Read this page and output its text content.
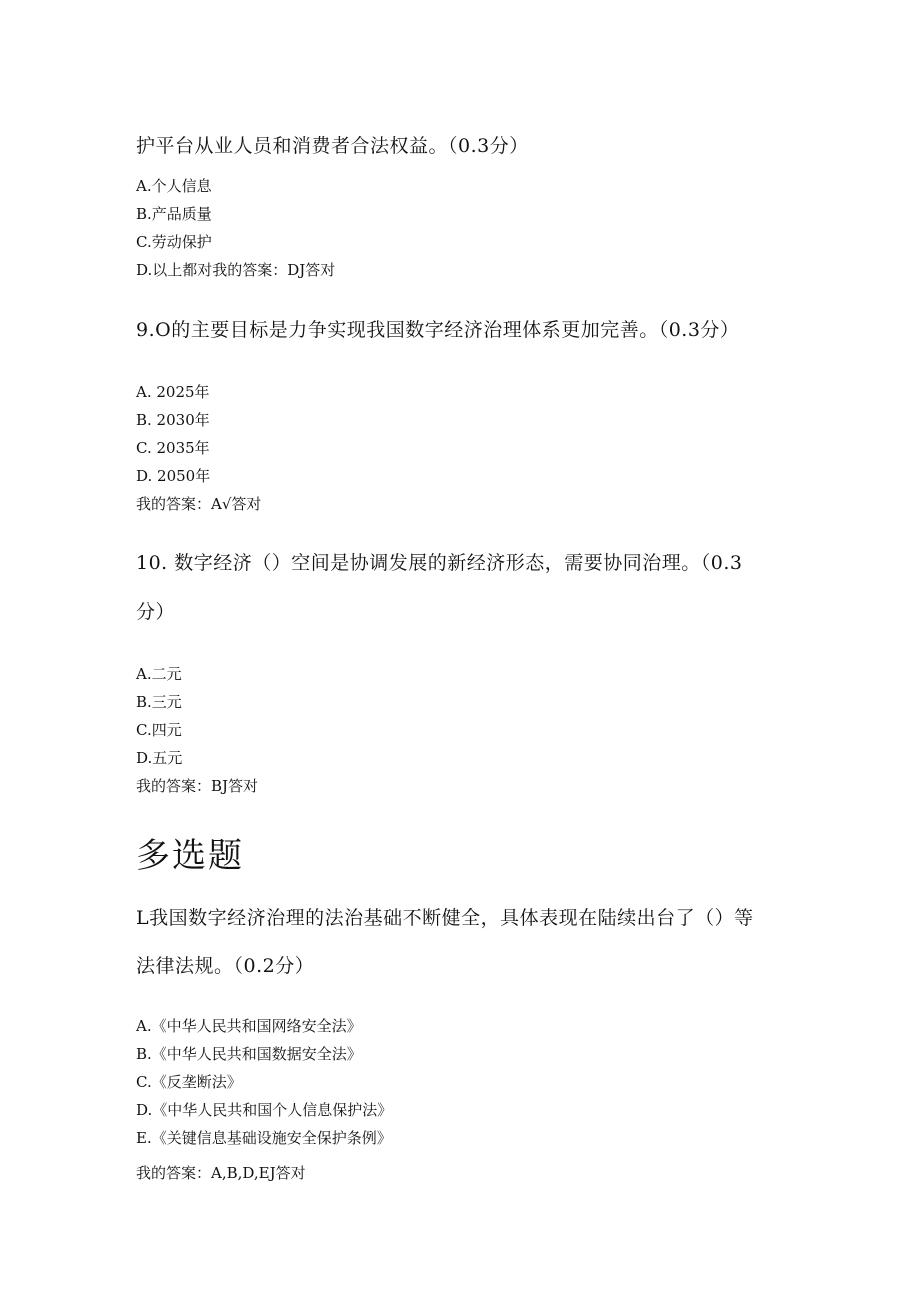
护平台从业人员和消费者合法权益。（0.3分）
A.个人信息
B.产品质量
C.劳动保护
D.以上都对我的答案：DJ答对
9.O的主要目标是力争实现我国数字经济治理体系更加完善。（0.3分）
A. 2025年
B. 2030年
C. 2035年
D. 2050年
我的答案：A√答对
10. 数字经济（）空间是协调发展的新经济形态，需要协同治理。（0.3
分）
A.二元
B.三元
C.四元
D.五元
我的答案：BJ答对
多选题
L我国数字经济治理的法治基础不断健全，具体表现在陆续出台了（）等
法律法规。（0.2分）
A.《中华人民共和国网络安全法》
B.《中华人民共和国数据安全法》
C.《反垄断法》
D.《中华人民共和国个人信息保护法》
E.《关键信息基础设施安全保护条例》
我的答案：A,B,D,EJ答对
